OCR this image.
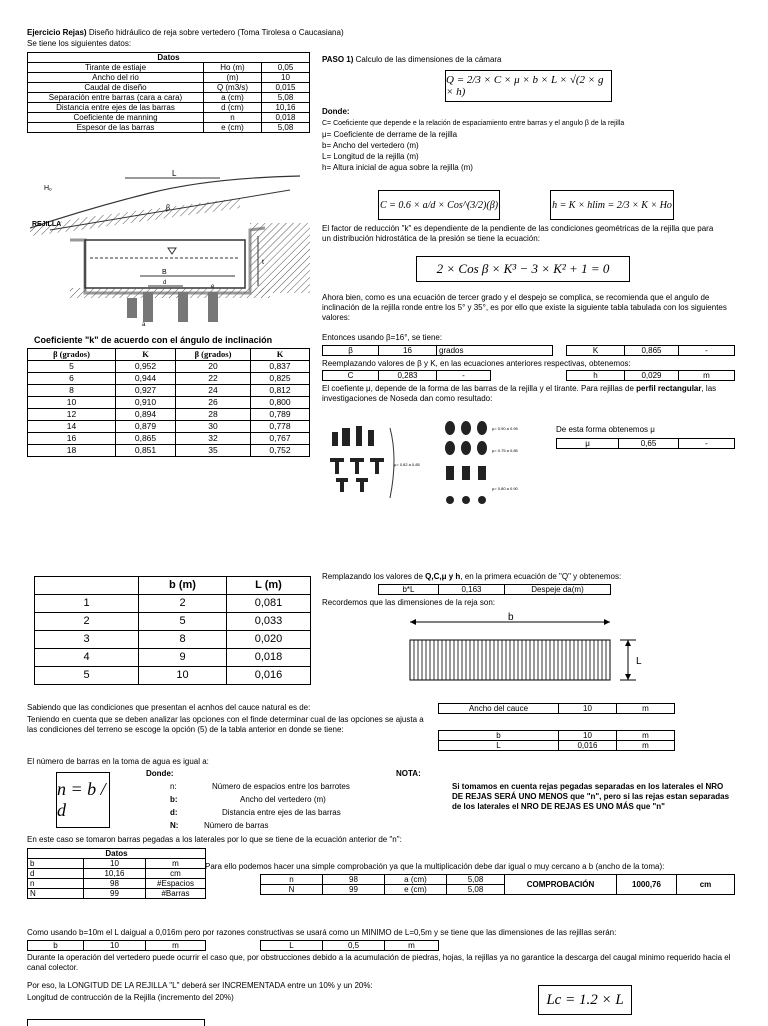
Ejercicio Rejas) Diseño hidráulico de reja sobre vertedero (Toma Tirolesa o Caucasiana)
Se tiene los siguientes datos:
Datos		
Tirante de estiaje	Ho (m)	0,05
Ancho del rio	(m)	10
Caudal de diseño	Q (m3/s)	0,015
Separación entre barras (cara a cara)	a (cm)	5,08
Distancia entre ejes de las barras	d (cm)	10,16
Coeficiente de manning	n	0,018
Espesor de las barras	e (cm)	5,08
L
Hₒ
β
B
t
REJILLA
d
e
a
Coeficiente "k" de acuerdo con el ángulo de inclinación
β (grados)	K	β (grados)	K
5	0,952	20	0,837
6	0,944	22	0,825
8	0,927	24	0,812
10	0,910	26	0,800
12	0,894	28	0,789
14	0,879	30	0,778
16	0,865	32	0,767
18	0,851	35	0,752
PASO 1) Calculo de las dimensiones de la cámara
Q = 2/3 × C × μ × b × L × √(2 × g × h)
Donde:
C= Coeficiente que depende e la relación de espaciamiento entre barras y el angulo β de la rejilla
μ= Coeficiente de derrame de la rejilla
b= Ancho del vertedero (m)
L= Longitud de la rejilla (m)
h= Altura inicial de agua sobre la rejilla (m)
C = 0.6 × a/d × Cos^(3/2)(β)	h = K × hlim = 2/3 × K × Ho
El factor de reducción "k" es dependiente de la pendiente de las condiciones geométricas de la rejilla que para un distribución hidrostática de la presión se tiene la ecuación:
2 × Cos β × K³ − 3 × K² + 1 = 0
Ahora bien, como es una ecuación de tercer grado y el despejo se complica, se recomienda que el angulo de inclinación de la rejilla ronde entre los 5° y 35°, es por ello que existe la siguiente tabla tabulada con los siguientes valores:
Entonces usando β=16°, se tiene:
β	16	grados	K	0,865	-
Reemplazando valores de β y K, en las ecuaciones anteriores respectivas, obtenemos:
C	0,283	-	h	0,029	m
El coefiente μ, depende de la forma de las barras de la rejilla y el tirante. Para rejillas de perfil rectangular, las investigaciones de Noseda dan como resultado:
μ= 0.82 a 0.85
μ= 0.90 a 0.95
μ= 0.75 a 0.85
μ= 0.80 a 0.90
De esta forma obtenemos μ
μ	0,65	-
	b (m)	L (m)
1	2	0,081
2	5	0,033
3	8	0,020
4	9	0,018
5	10	0,016
Remplazando los valores de Q,C,μ y h, en la primera ecuación de "Q" y obtenemos:
b*L	0,163	Despeje da(m)
Recordemos que las dimensiones de la reja son:
b
L
Sabiendo que las condiciones que presentan el acnhos del cauce natural es de:
Teniendo en cuenta que se deben analizar las opciones con el finde determinar cual de las opciones se ajusta a las condiciones del terreno se escoge la opción (5) de la tabla anterior en donde se tiene:
El número de barras en la toma de agua es igual a:
Ancho del cauce	10	m
b	10	m
L	0,016	m
n = b / d
Donde:
n:	Número de espacios entre los barrotes
b:	Ancho del vertedero (m)
d:	Distancia entre ejes de las barras
N:	Número de barras
NOTA:
Si tomamos en cuenta rejas pegadas separadas en los laterales el NRO DE REJAS SERÁ UNO MENOS que "n", pero si las rejas estan separadas de los laterales el NRO DE REJAS ES UNO MÁS que "n"
En este caso se tomaron barras pegadas a los laterales por lo que se tiene de la ecuación anterior de "n":
Datos		
b	10	m
d	10,16	cm
n	98	#Espacios
N	99	#Barras
Para ello podemos hacer una simple comprobación ya que la multiplicación debe dar igual o muy cercano a b (ancho de la toma):
n	98	a (cm)	5,08	COMPROBACIÓN	1000,76	cm
N	99	e (cm)	5,08			
Como usando b=10m el L daigual a 0,016m pero por razones constructivas se usará como un MINIMO de L=0,5m y se tiene que las dimensiones de las rejillas serán:
b	10	m	L	0,5	m
Durante la operación del vertedero puede ocurrir el caso que, por obstrucciones debido a la acumulación de piedras, hojas, la rejillas ya no garantice la descarga del caugal minimo requerido hacia el canal colector.
Por eso, la LONGITUD DE LA REJILLA "L" deberá ser INCREMENTADA entre un 10% y un 20%:
Longitud de contrucción de la Rejilla (incremento del 20%)	Lc = 1.2 × L
